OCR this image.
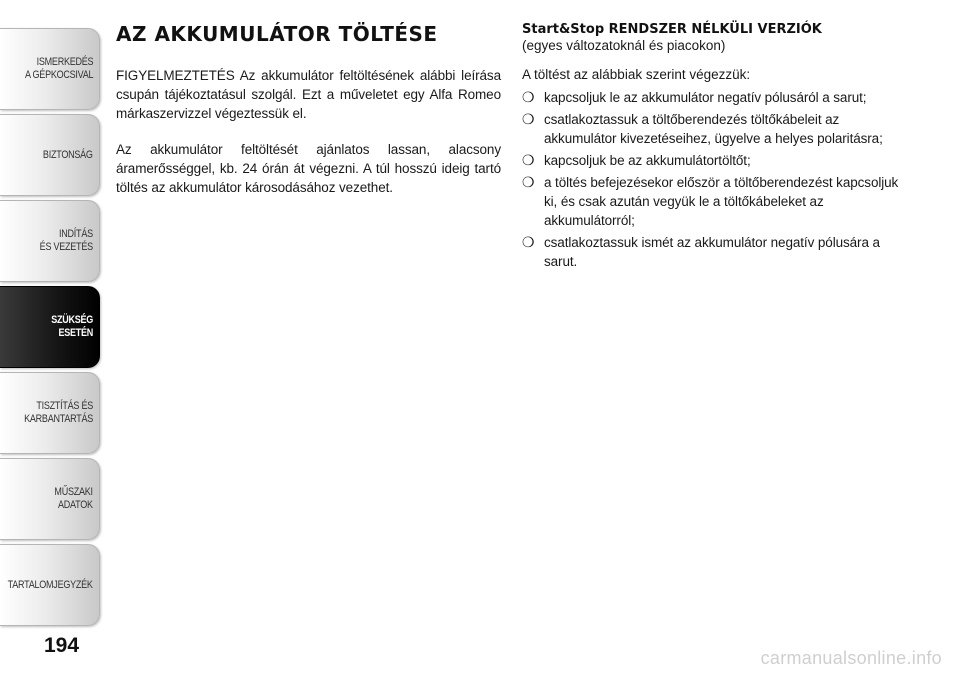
ISMERKEDÉS
A GÉPKOCSIVAL
BIZTONSÁG
INDÍTÁS
ÉS VEZETÉS
SZÜKSÉG
ESETÉN
TISZTÍTÁS ÉS
KARBANTARTÁS
MŰSZAKI
ADATOK
TARTALOMJEGYZÉK
194
AZ AKKUMULÁTOR TÖLTÉSE

FIGYELMEZTETÉS Az akkumulátor feltöltésének alábbi leírása csupán tájékoztatásul szolgál. Ezt a műveletet egy Alfa Romeo márkaszervizzel végeztessük el.

Az akkumulátor feltöltését ajánlatos lassan, alacsony áramerősséggel, kb. 24 órán át végezni. A túl hosszú ideig tartó töltés az akkumulátor károsodásához vezethet.

Start&Stop RENDSZER NÉLKÜLI VERZIÓK

(egyes változatoknál és piacokon)

A töltést az alábbiak szerint végezzük:

❍ kapcsoljuk le az akkumulátor negatív pólusáról a sarut;
❍ csatlakoztassuk a töltőberendezés töltőkábeleit az akkumulátor kivezetéseihez, ügyelve a helyes polaritásra;
❍ kapcsoljuk be az akkumulátortöltőt;
❍ a töltés befejezésekor először a töltőberendezést kapcsoljuk ki, és csak azután vegyük le a töltőkábeleket az akkumulátorról;
❍ csatlakoztassuk ismét az akkumulátor negatív pólusára a sarut.
carmanualsonline.info
